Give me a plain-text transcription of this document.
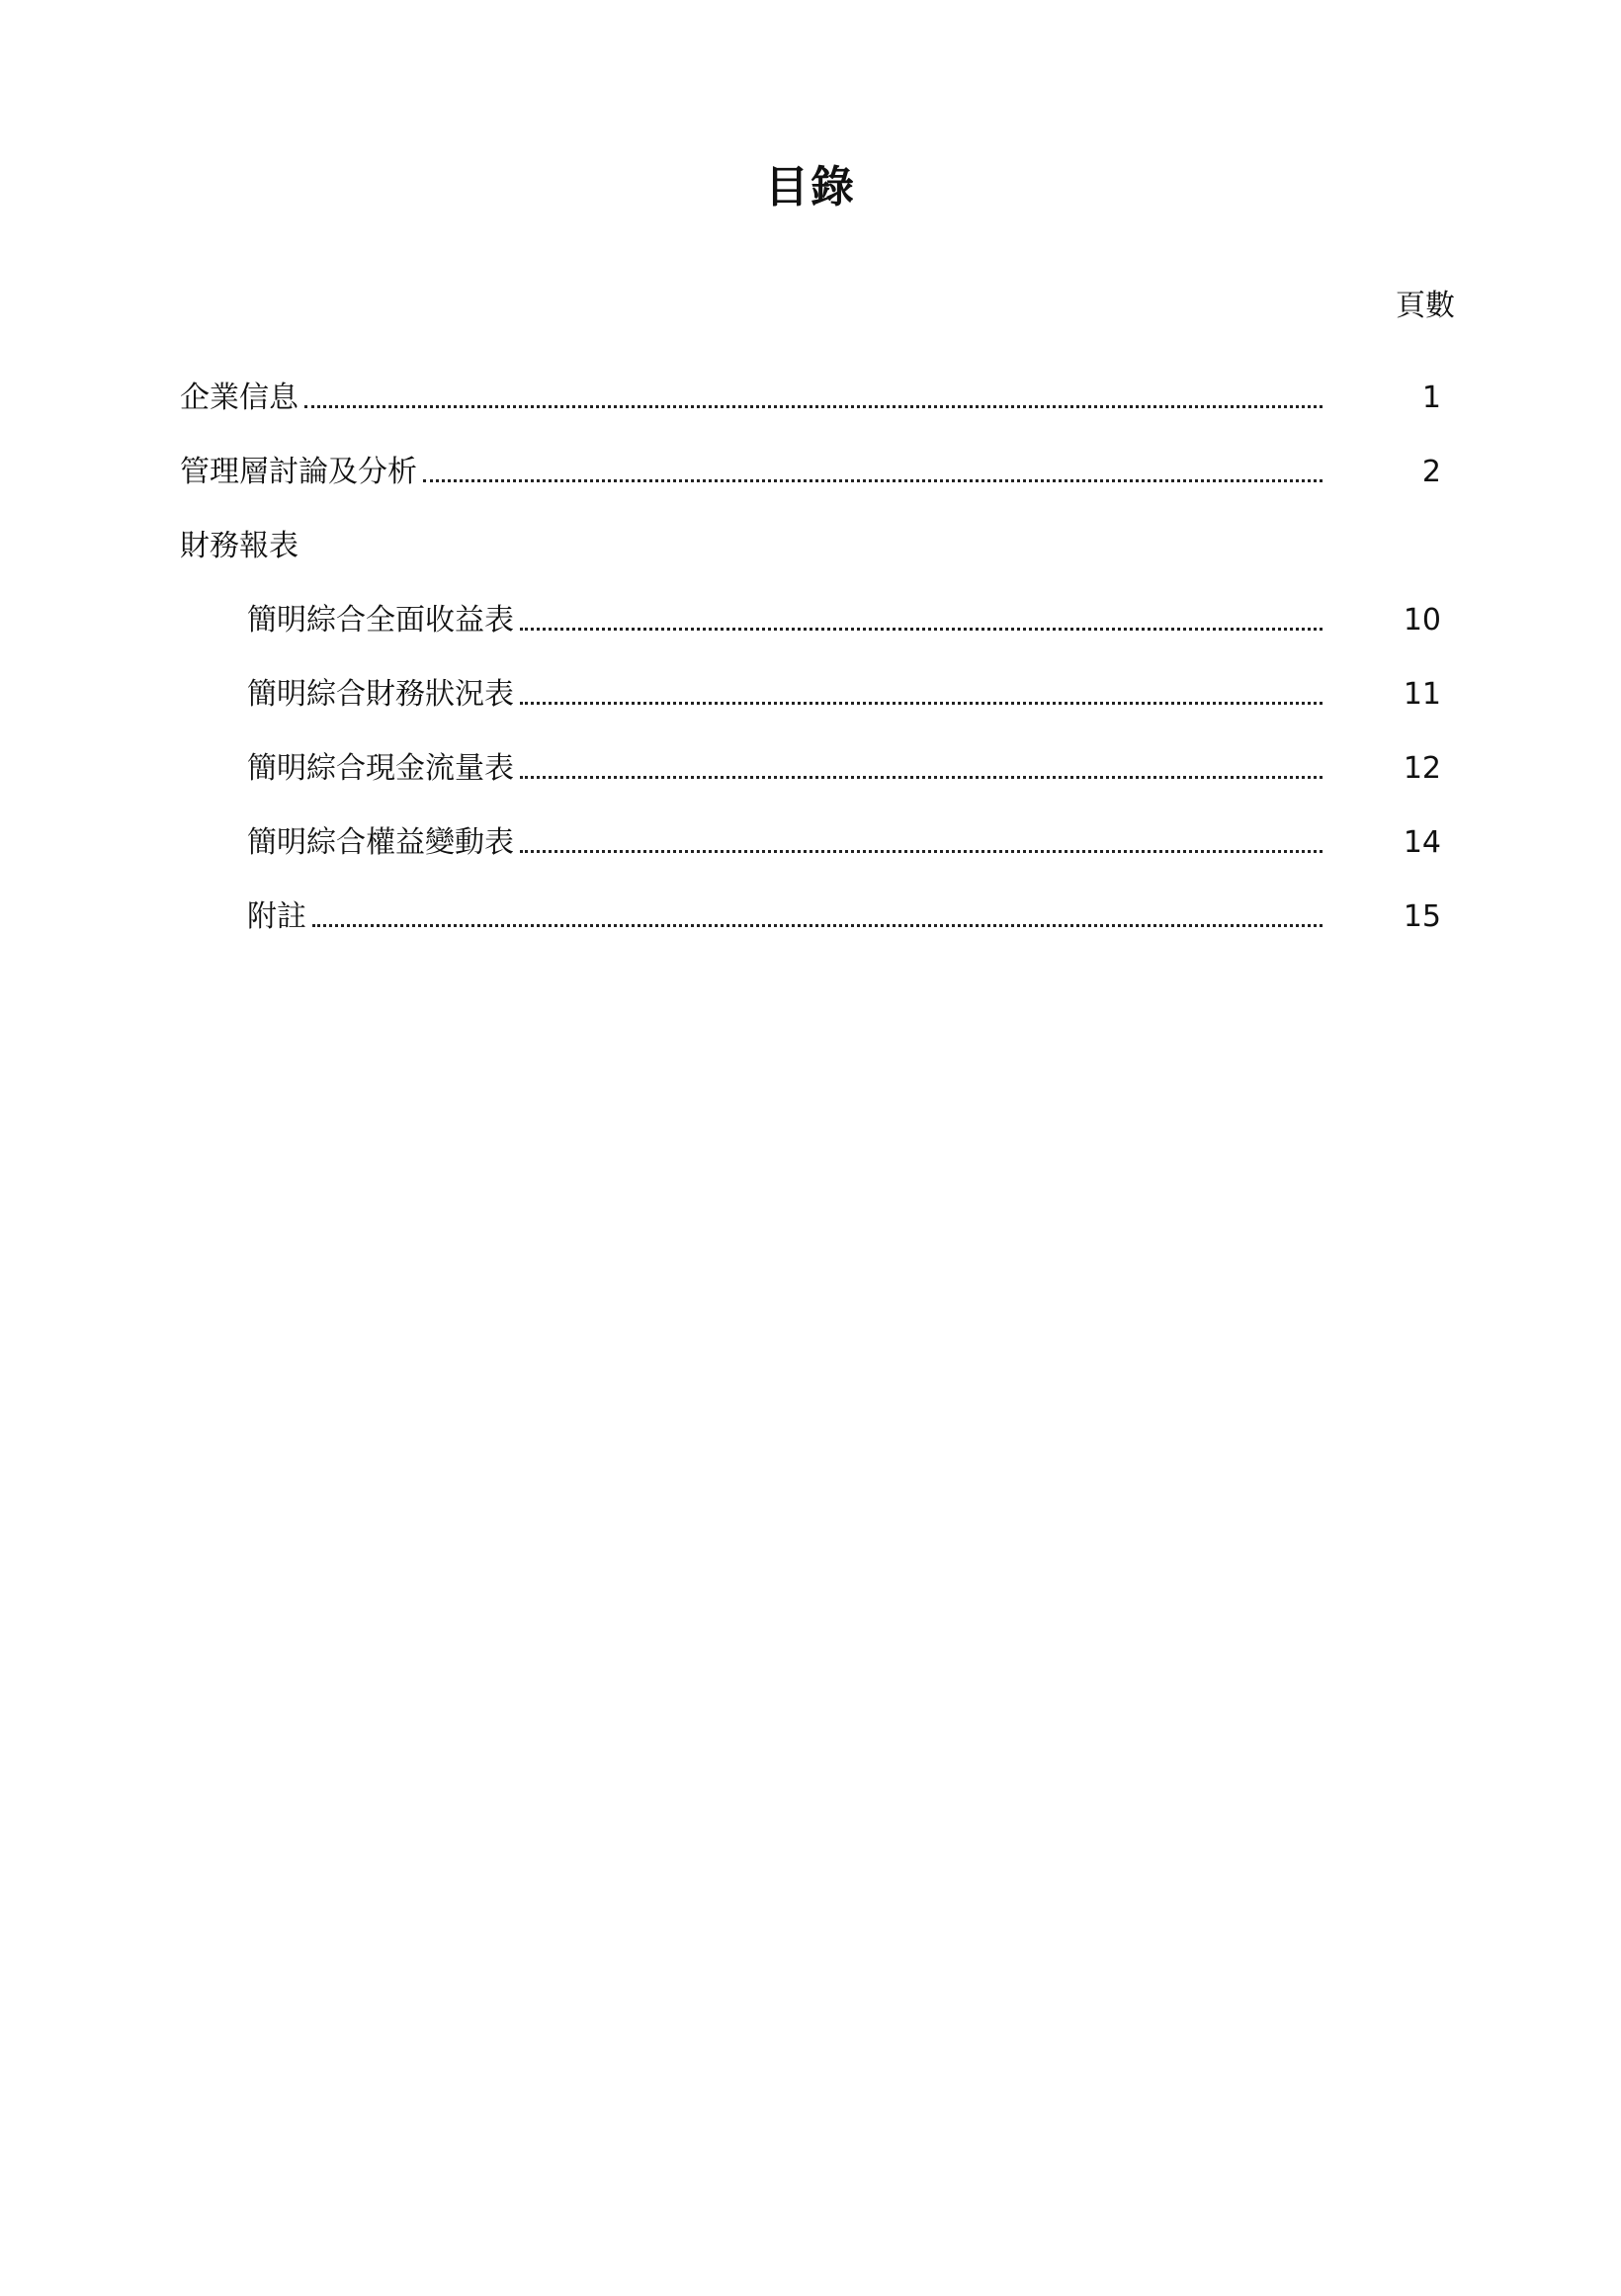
目錄
頁數
企業信息	1
管理層討論及分析	2
財務報表
簡明綜合全面收益表	10
簡明綜合財務狀況表	11
簡明綜合現金流量表	12
簡明綜合權益變動表	14
附註	15
